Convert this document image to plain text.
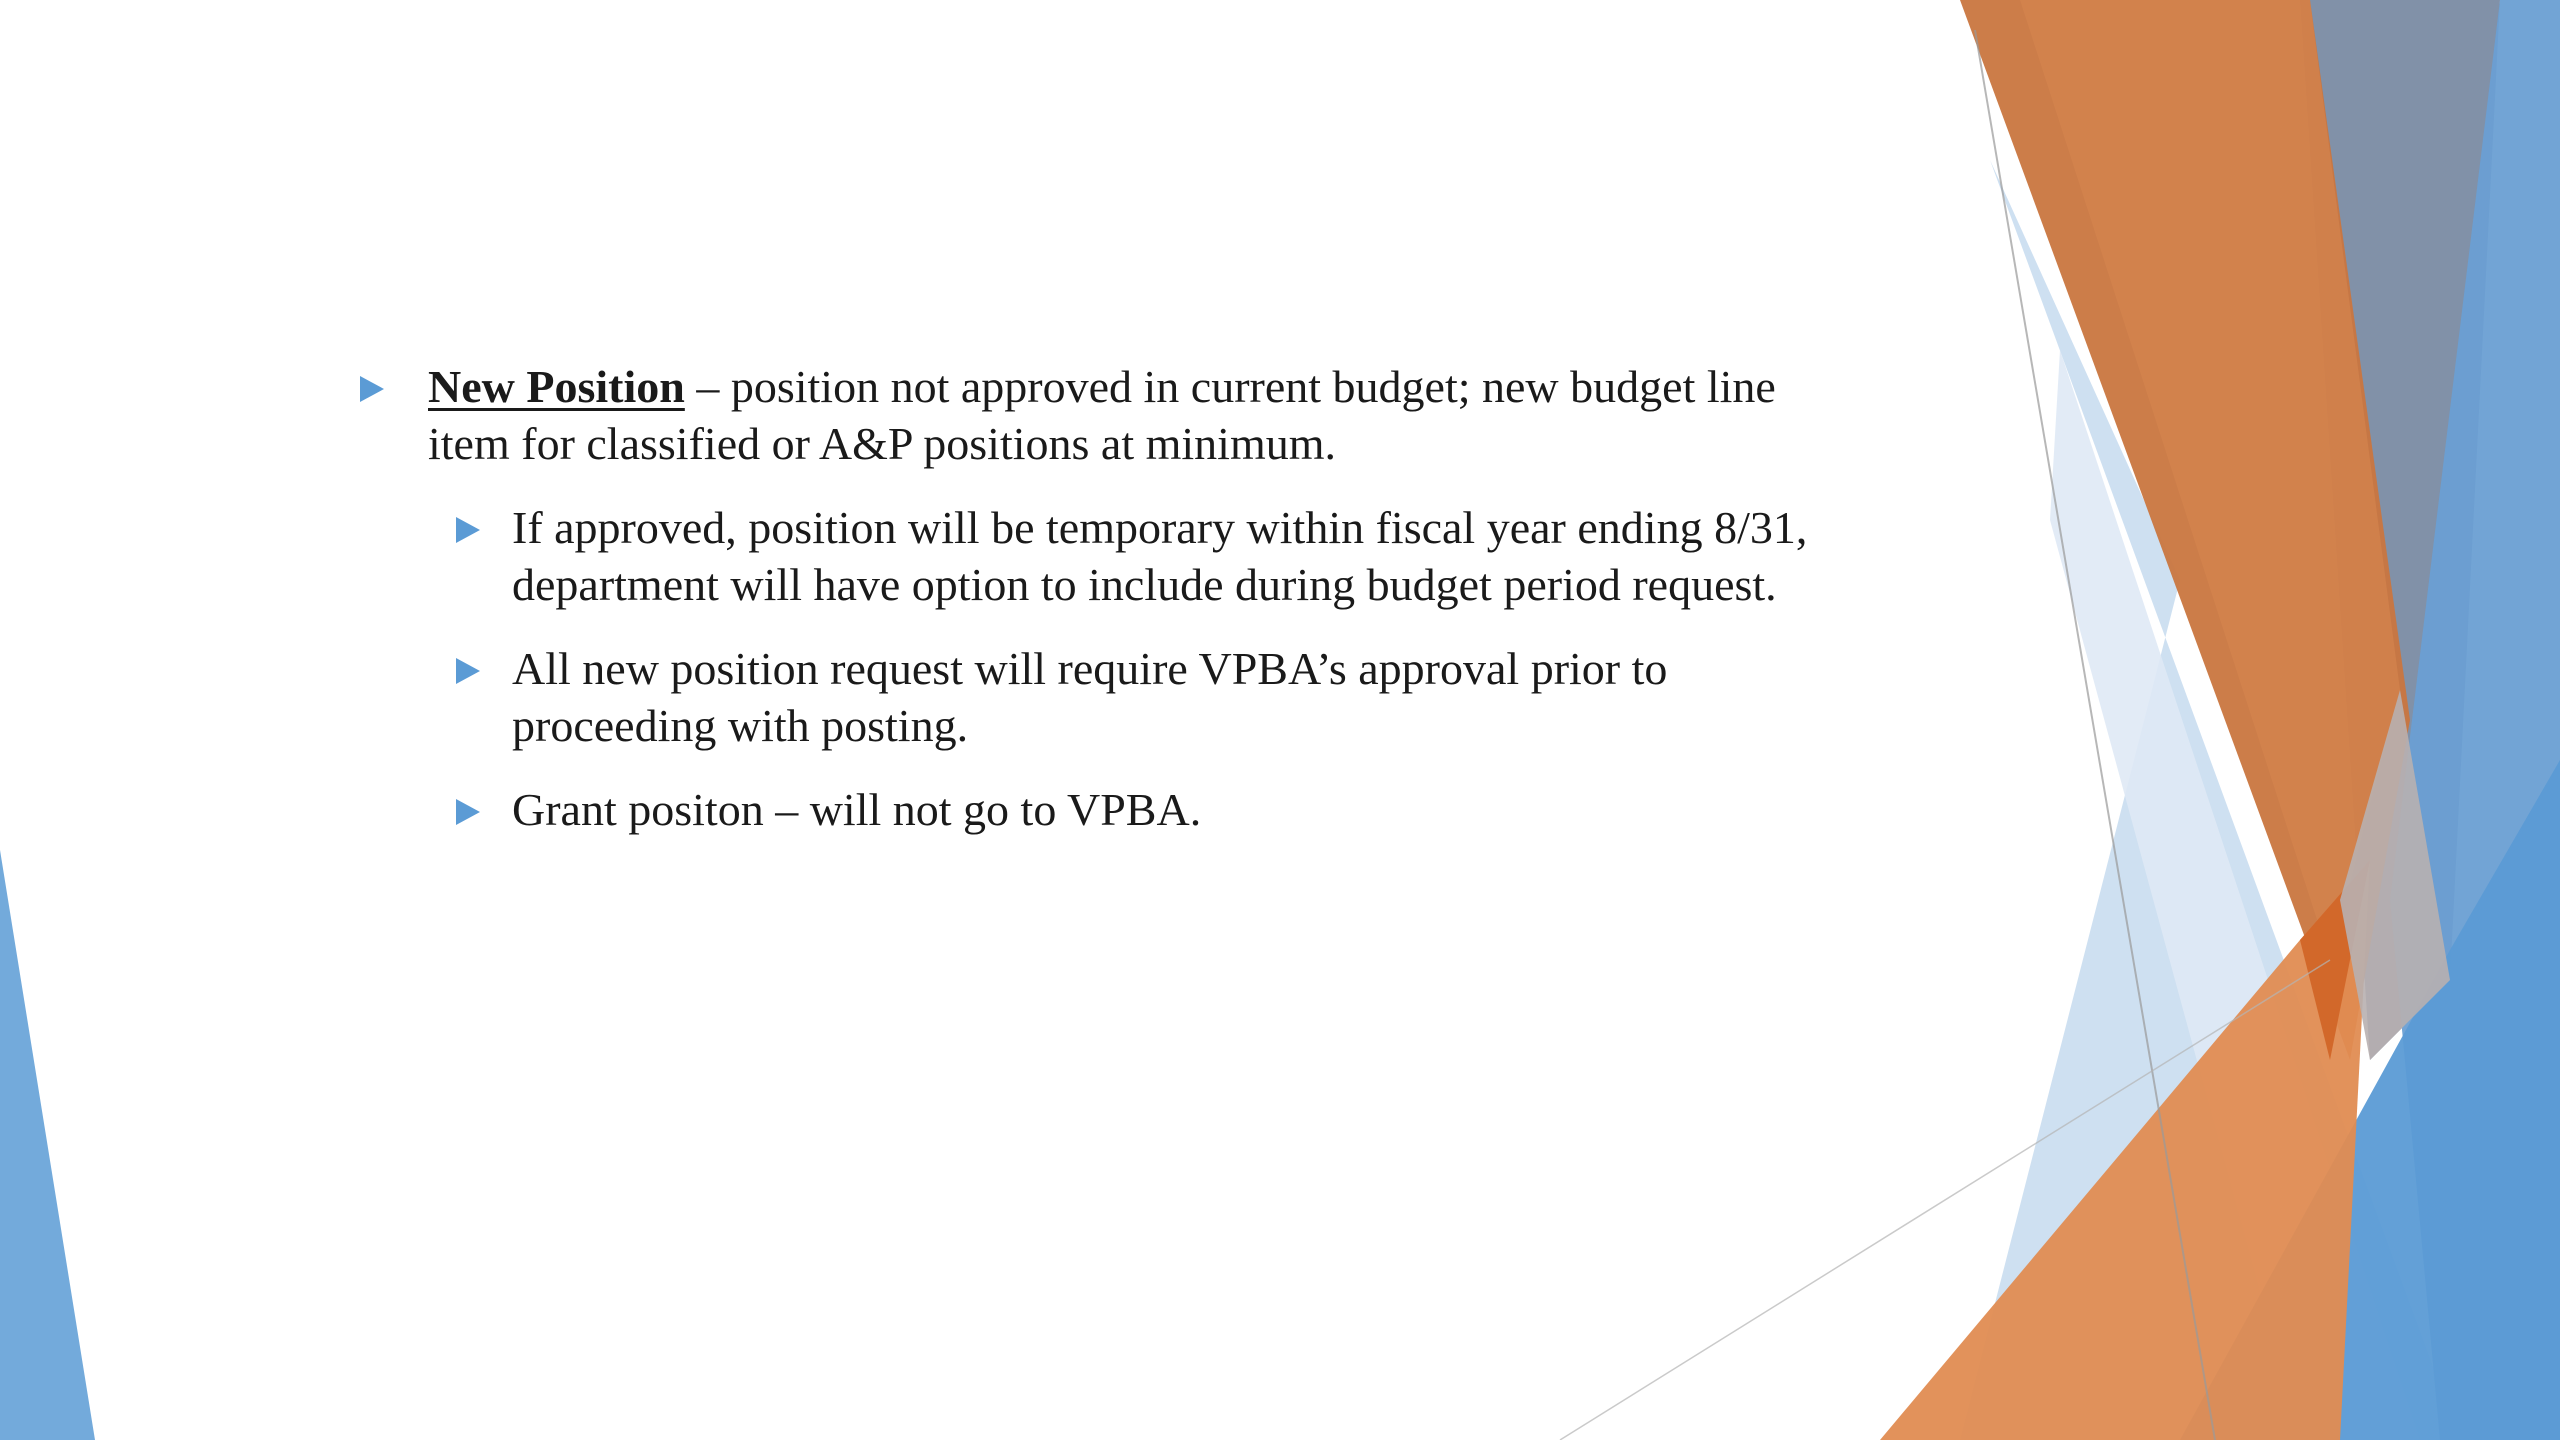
New Position – position not approved in current budget; new budget line item for classified or A&P positions at minimum.

If approved, position will be temporary within fiscal year ending 8/31, department will have option to include during budget period request.

All new position request will require VPBA’s approval prior to proceeding with posting.

Grant positon – will not go to VPBA.
